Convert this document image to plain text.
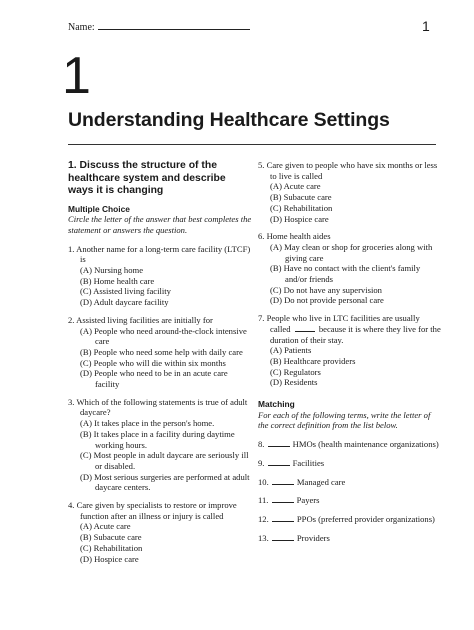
Name:	1
1
Understanding Healthcare Settings

1. Discuss the structure of the healthcare system and describe ways it is changing

Multiple Choice

Circle the letter of the answer that best completes the statement or answers the question.

1. Another name for a long-term care facility (LTCF) is
(A) Nursing home
(B) Home health care
(C) Assisted living facility
(D) Adult daycare facility
2. Assisted living facilities are initially for
(A) People who need around-the-clock intensive care
(B) People who need some help with daily care
(C) People who will die within six months
(D) People who need to be in an acute care facility
3. Which of the following statements is true of adult daycare?
(A) It takes place in the person's home.
(B) It takes place in a facility during daytime working hours.
(C) Most people in adult daycare are seriously ill or disabled.
(D) Most serious surgeries are performed at adult daycare centers.
4. Care given by specialists to restore or improve function after an illness or injury is called
(A) Acute care
(B) Subacute care
(C) Rehabilitation
(D) Hospice care
5. Care given to people who have six months or less to live is called
(A) Acute care
(B) Subacute care
(C) Rehabilitation
(D) Hospice care
6. Home health aides
(A) May clean or shop for groceries along with giving care
(B) Have no contact with the client's family and/or friends
(C) Do not have any supervision
(D) Do not provide personal care
7. People who live in LTC facilities are usually called	because it is where they live for the duration of their stay.
(A) Patients
(B) Healthcare providers
(C) Regulators
(D) Residents

Matching

For each of the following terms, write the letter of the correct definition from the list below.

8.	HMOs (health maintenance organizations)
9.	Facilities
10.	Managed care
11.	Payers
12.	PPOs (preferred provider organizations)
13.	Providers
